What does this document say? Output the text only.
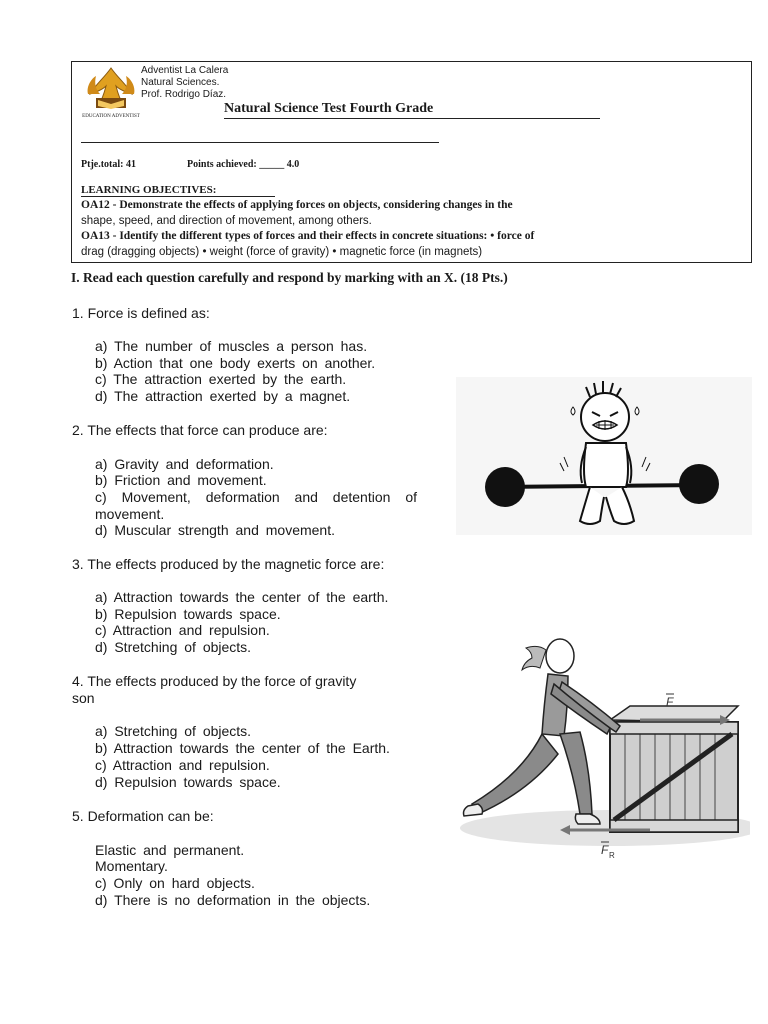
EDUCATION ADVENTIST
Adventist La Calera
Natural Sciences.
Prof. Rodrigo Díaz.
Natural Science Test Fourth Grade
Ptje.total: 41	Points achieved: _____ 4.0
LEARNING OBJECTIVES:
OA12 - Demonstrate the effects of applying forces on objects, considering changes in the
shape, speed, and direction of movement, among others.
OA13 - Identify the different types of forces and their effects in concrete situations: • force of
drag (dragging objects) • weight (force of gravity) • magnetic force (in magnets)
I. Read each question carefully and respond by marking with an X. (18 Pts.)
1. Force is defined as:
a) The number of muscles a person has.
b) Action that one body exerts on another.
c) The attraction exerted by the earth.
d) The attraction exerted by a magnet.
2. The effects that force can produce are:
a) Gravity and deformation.
b) Friction and movement.
c) Movement, deformation and detention of movement.
d) Muscular strength and movement.
3. The effects produced by the magnetic force are:
a) Attraction towards the center of the earth.
b) Repulsion towards space.
c) Attraction and repulsion.
d) Stretching of objects.
4. The effects produced by the force of gravity
son
a) Stretching of objects.
b) Attraction towards the center of the Earth.
c) Attraction and repulsion.
d) Repulsion towards space.
5. Deformation can be:
Elastic and permanent.
Momentary.
c) Only on hard objects.
d) There is no deformation in the objects.
F
F R
